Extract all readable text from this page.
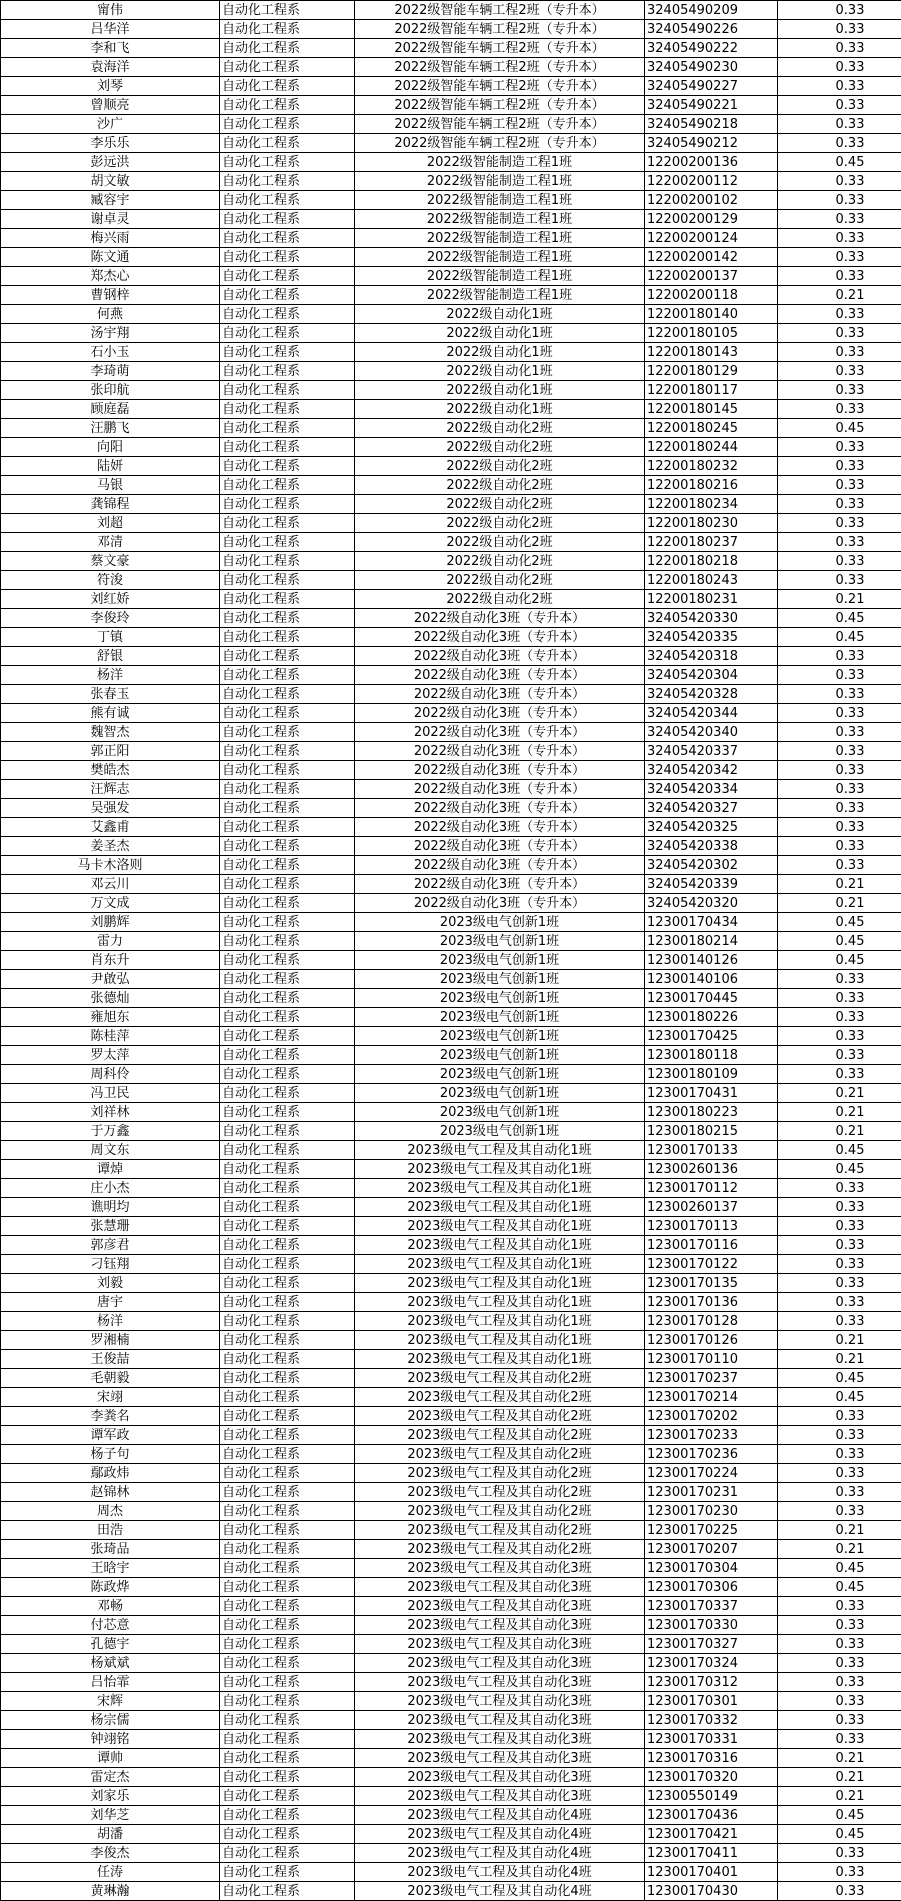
甯伟	自动化工程系	2022级智能车辆工程2班（专升本）	32405490209	0.33
吕华洋	自动化工程系	2022级智能车辆工程2班（专升本）	32405490226	0.33
李和飞	自动化工程系	2022级智能车辆工程2班（专升本）	32405490222	0.33
袁海洋	自动化工程系	2022级智能车辆工程2班（专升本）	32405490230	0.33
刘琴	自动化工程系	2022级智能车辆工程2班（专升本）	32405490227	0.33
曾顺亮	自动化工程系	2022级智能车辆工程2班（专升本）	32405490221	0.33
沙广	自动化工程系	2022级智能车辆工程2班（专升本）	32405490218	0.33
李乐乐	自动化工程系	2022级智能车辆工程2班（专升本）	32405490212	0.33
彭远洪	自动化工程系	2022级智能制造工程1班	12200200136	0.45
胡文敏	自动化工程系	2022级智能制造工程1班	12200200112	0.33
臧容宇	自动化工程系	2022级智能制造工程1班	12200200102	0.33
谢卓灵	自动化工程系	2022级智能制造工程1班	12200200129	0.33
梅兴雨	自动化工程系	2022级智能制造工程1班	12200200124	0.33
陈文通	自动化工程系	2022级智能制造工程1班	12200200142	0.33
郑杰心	自动化工程系	2022级智能制造工程1班	12200200137	0.33
曹钢梓	自动化工程系	2022级智能制造工程1班	12200200118	0.21
何燕	自动化工程系	2022级自动化1班	12200180140	0.33
汤宇翔	自动化工程系	2022级自动化1班	12200180105	0.33
石小玉	自动化工程系	2022级自动化1班	12200180143	0.33
李琦萌	自动化工程系	2022级自动化1班	12200180129	0.33
张印航	自动化工程系	2022级自动化1班	12200180117	0.33
顾庭磊	自动化工程系	2022级自动化1班	12200180145	0.33
汪鹏飞	自动化工程系	2022级自动化2班	12200180245	0.45
向阳	自动化工程系	2022级自动化2班	12200180244	0.33
陆妍	自动化工程系	2022级自动化2班	12200180232	0.33
马银	自动化工程系	2022级自动化2班	12200180216	0.33
龚锦程	自动化工程系	2022级自动化2班	12200180234	0.33
刘超	自动化工程系	2022级自动化2班	12200180230	0.33
邓清	自动化工程系	2022级自动化2班	12200180237	0.33
蔡文豪	自动化工程系	2022级自动化2班	12200180218	0.33
符浚	自动化工程系	2022级自动化2班	12200180243	0.33
刘红娇	自动化工程系	2022级自动化2班	12200180231	0.21
李俊玲	自动化工程系	2022级自动化3班（专升本）	32405420330	0.45
丁镇	自动化工程系	2022级自动化3班（专升本）	32405420335	0.45
舒银	自动化工程系	2022级自动化3班（专升本）	32405420318	0.33
杨洋	自动化工程系	2022级自动化3班（专升本）	32405420304	0.33
张春玉	自动化工程系	2022级自动化3班（专升本）	32405420328	0.33
熊有诚	自动化工程系	2022级自动化3班（专升本）	32405420344	0.33
魏智杰	自动化工程系	2022级自动化3班（专升本）	32405420340	0.33
郭正阳	自动化工程系	2022级自动化3班（专升本）	32405420337	0.33
樊皓杰	自动化工程系	2022级自动化3班（专升本）	32405420342	0.33
汪辉志	自动化工程系	2022级自动化3班（专升本）	32405420334	0.33
吴强发	自动化工程系	2022级自动化3班（专升本）	32405420327	0.33
艾鑫甫	自动化工程系	2022级自动化3班（专升本）	32405420325	0.33
姜圣杰	自动化工程系	2022级自动化3班（专升本）	32405420338	0.33
马卡木洛则	自动化工程系	2022级自动化3班（专升本）	32405420302	0.33
邓云川	自动化工程系	2022级自动化3班（专升本）	32405420339	0.21
万文成	自动化工程系	2022级自动化3班（专升本）	32405420320	0.21
刘鹏辉	自动化工程系	2023级电气创新1班	12300170434	0.45
雷力	自动化工程系	2023级电气创新1班	12300180214	0.45
肖东升	自动化工程系	2023级电气创新1班	12300140126	0.45
尹啟弘	自动化工程系	2023级电气创新1班	12300140106	0.33
张德灿	自动化工程系	2023级电气创新1班	12300170445	0.33
雍旭东	自动化工程系	2023级电气创新1班	12300180226	0.33
陈桂萍	自动化工程系	2023级电气创新1班	12300170425	0.33
罗太萍	自动化工程系	2023级电气创新1班	12300180118	0.33
周科伶	自动化工程系	2023级电气创新1班	12300180109	0.33
冯卫民	自动化工程系	2023级电气创新1班	12300170431	0.21
刘祥林	自动化工程系	2023级电气创新1班	12300180223	0.21
于万鑫	自动化工程系	2023级电气创新1班	12300180215	0.21
周文东	自动化工程系	2023级电气工程及其自动化1班	12300170133	0.45
谭焯	自动化工程系	2023级电气工程及其自动化1班	12300260136	0.45
庄小杰	自动化工程系	2023级电气工程及其自动化1班	12300170112	0.33
谯明均	自动化工程系	2023级电气工程及其自动化1班	12300260137	0.33
张慧珊	自动化工程系	2023级电气工程及其自动化1班	12300170113	0.33
郭彦君	自动化工程系	2023级电气工程及其自动化1班	12300170116	0.33
刁钰翔	自动化工程系	2023级电气工程及其自动化1班	12300170122	0.33
刘毅	自动化工程系	2023级电气工程及其自动化1班	12300170135	0.33
唐宇	自动化工程系	2023级电气工程及其自动化1班	12300170136	0.33
杨洋	自动化工程系	2023级电气工程及其自动化1班	12300170128	0.33
罗湘楠	自动化工程系	2023级电气工程及其自动化1班	12300170126	0.21
王俊喆	自动化工程系	2023级电气工程及其自动化1班	12300170110	0.21
毛朝毅	自动化工程系	2023级电气工程及其自动化2班	12300170237	0.45
宋翊	自动化工程系	2023级电气工程及其自动化2班	12300170214	0.45
李粪名	自动化工程系	2023级电气工程及其自动化2班	12300170202	0.33
谭军政	自动化工程系	2023级电气工程及其自动化2班	12300170233	0.33
杨子句	自动化工程系	2023级电气工程及其自动化2班	12300170236	0.33
鄢政炜	自动化工程系	2023级电气工程及其自动化2班	12300170224	0.33
赵锦林	自动化工程系	2023级电气工程及其自动化2班	12300170231	0.33
周杰	自动化工程系	2023级电气工程及其自动化2班	12300170230	0.33
田浩	自动化工程系	2023级电气工程及其自动化2班	12300170225	0.21
张琦品	自动化工程系	2023级电气工程及其自动化2班	12300170207	0.21
王晗宇	自动化工程系	2023级电气工程及其自动化3班	12300170304	0.45
陈政烨	自动化工程系	2023级电气工程及其自动化3班	12300170306	0.45
邓畅	自动化工程系	2023级电气工程及其自动化3班	12300170337	0.33
付芯意	自动化工程系	2023级电气工程及其自动化3班	12300170330	0.33
孔德宇	自动化工程系	2023级电气工程及其自动化3班	12300170327	0.33
杨斌斌	自动化工程系	2023级电气工程及其自动化3班	12300170324	0.33
吕怡霏	自动化工程系	2023级电气工程及其自动化3班	12300170312	0.33
宋辉	自动化工程系	2023级电气工程及其自动化3班	12300170301	0.33
杨宗儒	自动化工程系	2023级电气工程及其自动化3班	12300170332	0.33
钟翊铭	自动化工程系	2023级电气工程及其自动化3班	12300170331	0.33
谭帅	自动化工程系	2023级电气工程及其自动化3班	12300170316	0.21
雷定杰	自动化工程系	2023级电气工程及其自动化3班	12300170320	0.21
刘家乐	自动化工程系	2023级电气工程及其自动化3班	12300550149	0.21
刘华芝	自动化工程系	2023级电气工程及其自动化4班	12300170436	0.45
胡潘	自动化工程系	2023级电气工程及其自动化4班	12300170421	0.45
李俊杰	自动化工程系	2023级电气工程及其自动化4班	12300170411	0.33
任涛	自动化工程系	2023级电气工程及其自动化4班	12300170401	0.33
黄琳瀚	自动化工程系	2023级电气工程及其自动化4班	12300170430	0.33
